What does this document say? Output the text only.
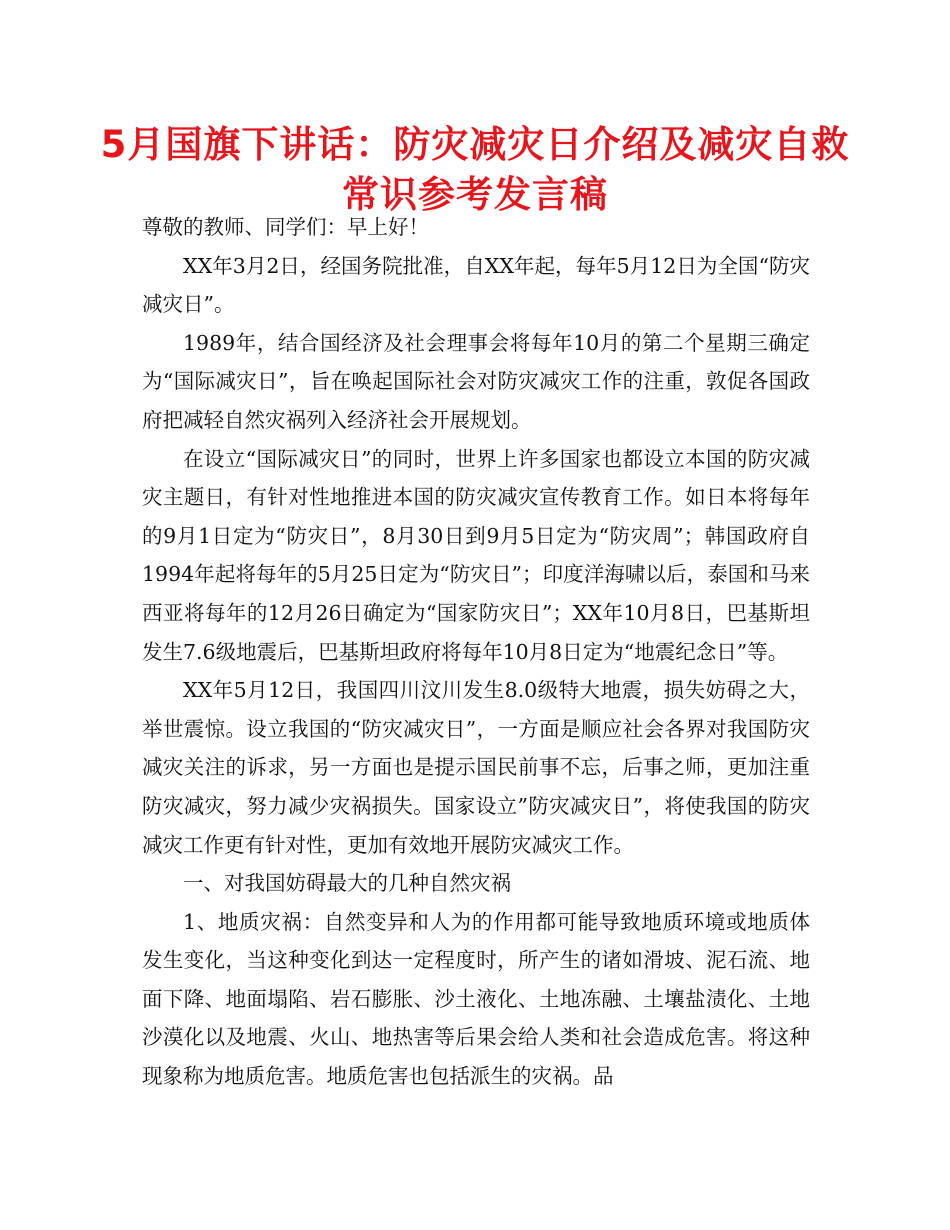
5月国旗下讲话：防灾减灾日介绍及减灾自救常识参考发言稿

尊敬的教师、同学们：早上好！

XX年3月2日，经国务院批准，自XX年起，每年5月12日为全国“防灾减灾日”。

1989年，结合国经济及社会理事会将每年10月的第二个星期三确定为“国际减灾日”，旨在唤起国际社会对防灾减灾工作的注重，敦促各国政府把减轻自然灾祸列入经济社会开展规划。

在设立“国际减灾日”的同时，世界上许多国家也都设立本国的防灾减灾主题日，有针对性地推进本国的防灾减灾宣传教育工作。如日本将每年的9月1日定为“防灾日”，8月30日到9月5日定为“防灾周”；韩国政府自1994年起将每年的5月25日定为“防灾日”；印度洋海啸以后，泰国和马来西亚将每年的12月26日确定为“国家防灾日”；XX年10月8日，巴基斯坦发生7.6级地震后，巴基斯坦政府将每年10月8日定为“地震纪念日”等。

XX年5月12日，我国四川汶川发生8.0级特大地震，损失妨碍之大，举世震惊。设立我国的“防灾减灾日”，一方面是顺应社会各界对我国防灾减灾关注的诉求，另一方面也是提示国民前事不忘，后事之师，更加注重防灾减灾，努力减少灾祸损失。国家设立”防灾减灾日”，将使我国的防灾减灾工作更有针对性，更加有效地开展防灾减灾工作。

一、对我国妨碍最大的几种自然灾祸

1、地质灾祸：自然变异和人为的作用都可能导致地质环境或地质体发生变化，当这种变化到达一定程度时，所产生的诸如滑坡、泥石流、地面下降、地面塌陷、岩石膨胀、沙土液化、土地冻融、土壤盐渍化、土地沙漠化以及地震、火山、地热害等后果会给人类和社会造成危害。将这种现象称为地质危害。地质危害也包括派生的灾祸。品
